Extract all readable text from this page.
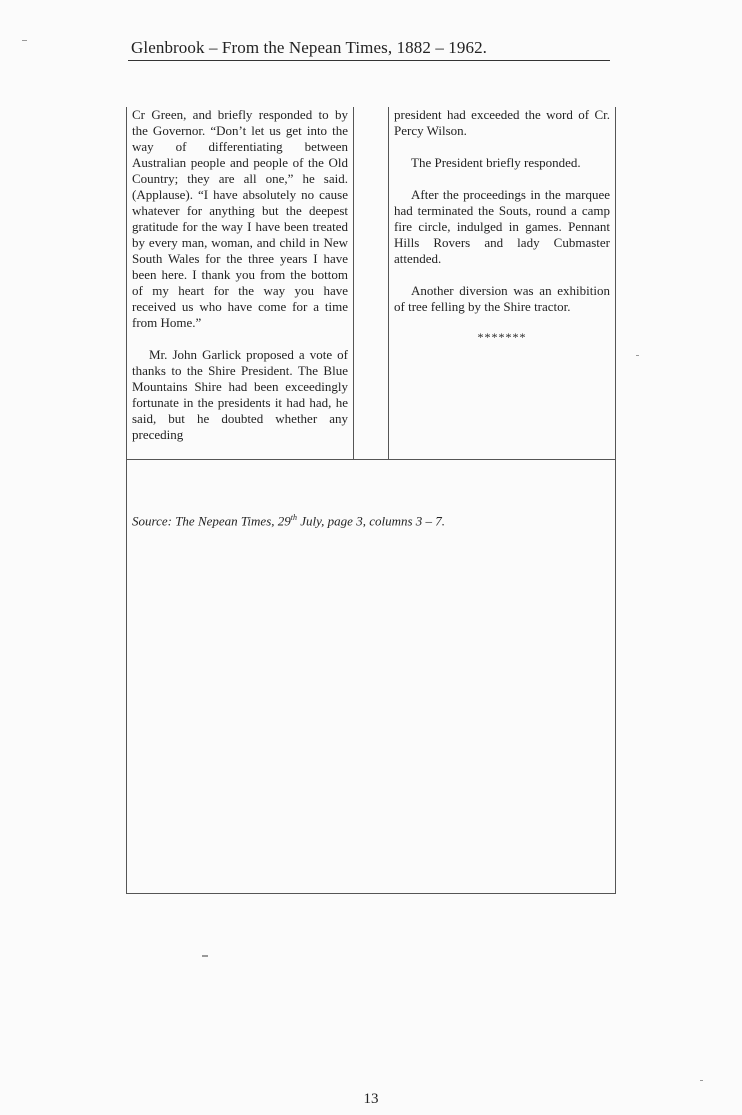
Glenbrook – From the Nepean Times, 1882 – 1962.

Cr Green, and briefly responded to by the Governor. “Don’t let us get into the way of differentiating between Australian people and people of the Old Country; they are all one,” he said. (Applause). “I have absolutely no cause whatever for anything but the deepest gratitude for the way I have been treated by every man, woman, and child in New South Wales for the three years I have been here. I thank you from the bottom of my heart for the way you have received us who have come for a time from Home.”

Mr. John Garlick proposed a vote of thanks to the Shire President. The Blue Mountains Shire had been exceedingly fortunate in the presidents it had had, he said, but he doubted whether any preceding

president had exceeded the word of Cr. Percy Wilson.

The President briefly responded.

After the proceedings in the marquee had terminated the Souts, round a camp fire circle, indulged in games. Pennant Hills Rovers and lady Cubmaster attended.

Another diversion was an exhibition of tree felling by the Shire tractor.

*******
Source: The Nepean Times, 29th July, page 3, columns 3 – 7.
13
